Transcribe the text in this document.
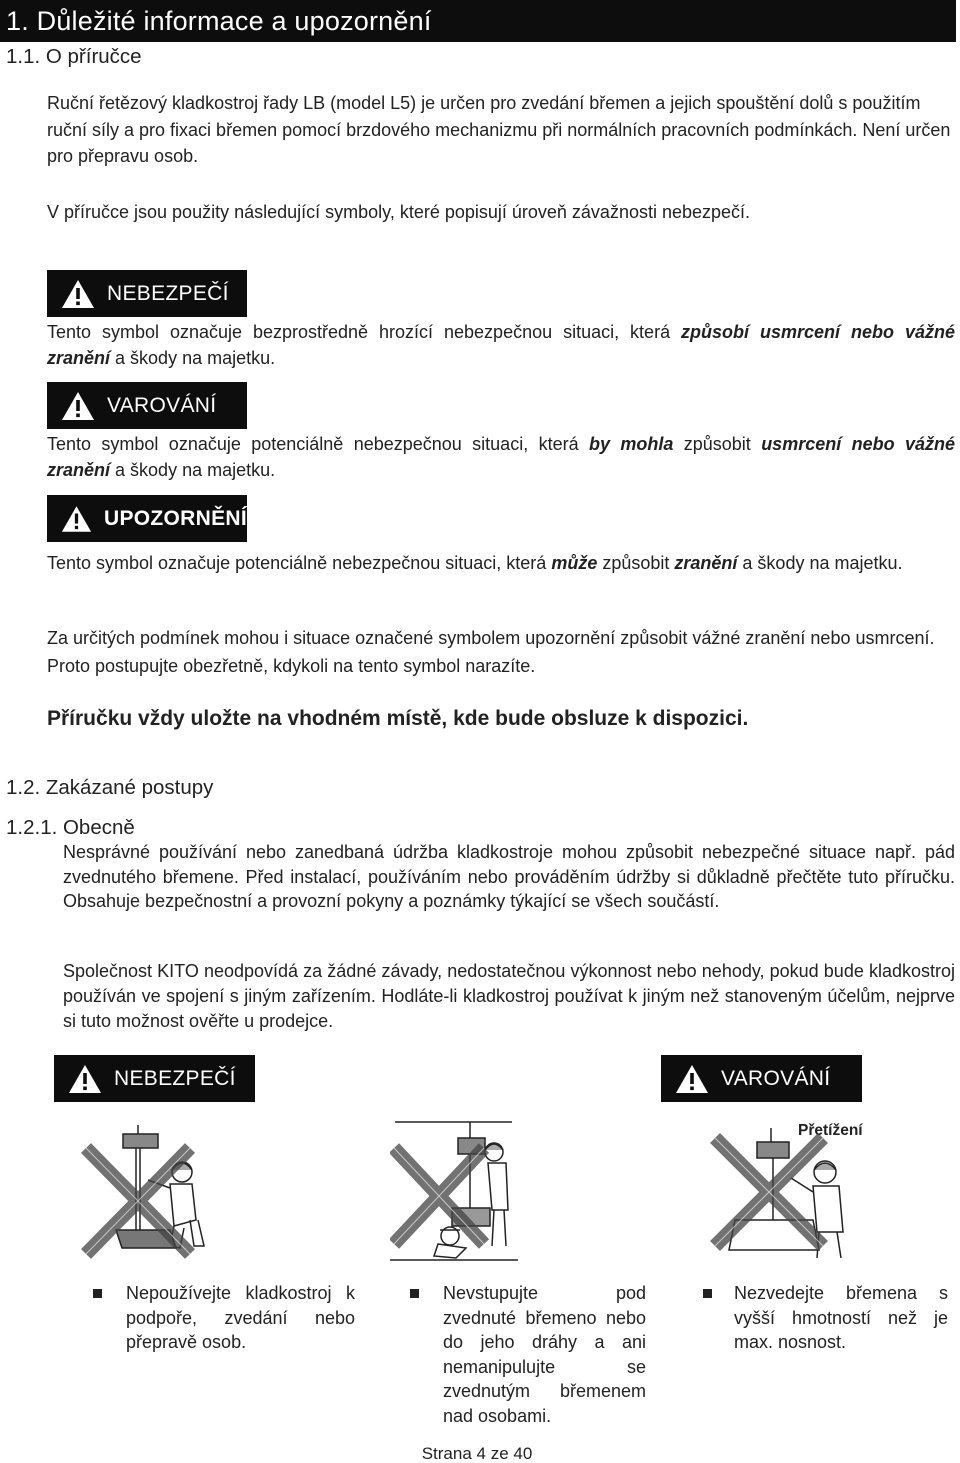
1. Důležité informace a upozornění
1.1. O příručce
Ruční řetězový kladkostroj řady LB (model L5) je určen pro zvedání břemen a jejich spouštění dolů s použitím ruční síly a pro fixaci břemen pomocí brzdového mechanizmu při normálních pracovních podmínkách. Není určen pro přepravu osob.
V příručce jsou použity následující symboly, které popisují úroveň závažnosti nebezpečí.
NEBEZPEČÍ
Tento symbol označuje bezprostředně hrozící nebezpečnou situaci, která způsobí usmrcení nebo vážné zranění a škody na majetku.
VAROVÁNÍ
Tento symbol označuje potenciálně nebezpečnou situaci, která by mohla způsobit usmrcení nebo vážné zranění a škody na majetku.
UPOZORNĚNÍ
Tento symbol označuje potenciálně nebezpečnou situaci, která může způsobit zranění a škody na majetku.
Za určitých podmínek mohou i situace označené symbolem upozornění způsobit vážné zranění nebo usmrcení. Proto postupujte obezřetně, kdykoli na tento symbol narazíte.
Příručku vždy uložte na vhodném místě, kde bude obsluze k dispozici.
1.2. Zakázané postupy
1.2.1. Obecně
Nesprávné používání nebo zanedbaná údržba kladkostroje mohou způsobit nebezpečné situace např. pád zvednutého břemene. Před instalací, používáním nebo prováděním údržby si důkladně přečtěte tuto příručku. Obsahuje bezpečnostní a provozní pokyny a poznámky týkající se všech součástí.
Společnost KITO neodpovídá za žádné závady, nedostatečnou výkonnost nebo nehody, pokud bude kladkostroj používán ve spojení s jiným zařízením. Hodláte-li kladkostroj používat k jiným než stanoveným účelům, nejprve si tuto možnost ověřte u prodejce.
NEBEZPEČÍ	VAROVÁNÍ
Přetížení
Nepoužívejte kladkostroj k podpoře, zvedání nebo přepravě osob.
Nevstupujte pod zvednuté břemeno nebo do jeho dráhy a ani nemanipulujte se zvednutým břemenem nad osobami.
Nezvedejte břemena s vyšší hmotností než je max. nosnost.
Strana 4 ze 40
